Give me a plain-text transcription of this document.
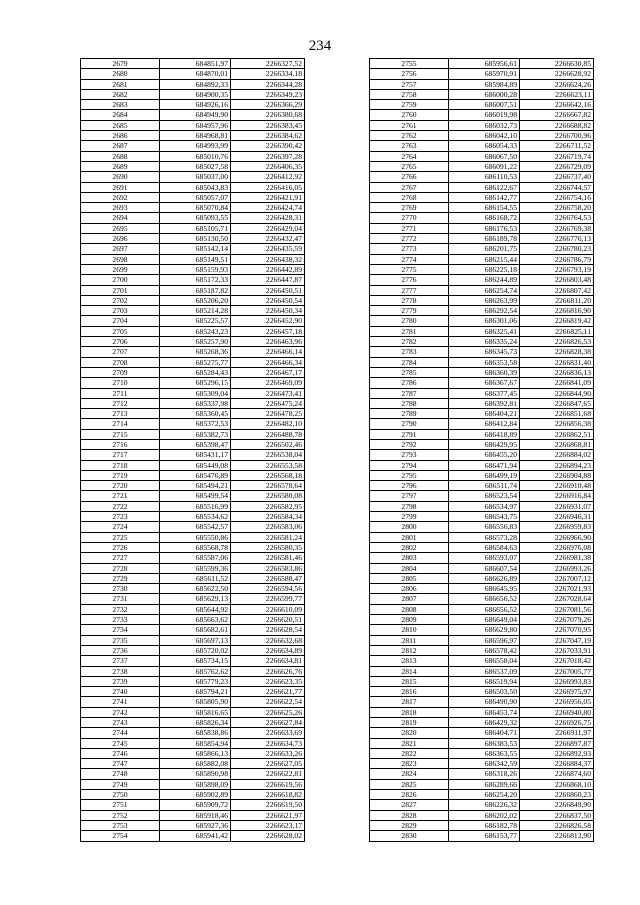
234
2679	684851,97	2266327,52
2680	684870,01	2266334,18
2681	684892,33	2266344,28
2682	684900,35	2266349,23
2683	684926,16	2266366,29
2684	684949,90	2266380,68
2685	684957,96	2266383,45
2686	684968,81	2266384,62
2687	684993,99	2266390,42
2688	685010,76	2266397,28
2689	685027,58	2266406,35
2690	685037,00	2266412,92
2691	685043,83	2266416,05
2692	685057,07	2266421,91
2693	685070,84	2266424,74
2694	685093,55	2266428,31
2695	685105,71	2266429,04
2696	685130,50	2266432,47
2697	685142,14	2266435,59
2698	685149,51	2266438,32
2699	685159,93	2266442,89
2700	685172,33	2266447,87
2701	685187,82	2266450,51
2702	685206,20	2266450,54
2703	685214,28	2266450,34
2704	685225,57	2266452,90
2705	685243,23	2266457,18
2706	685257,90	2266463,96
2707	685268,36	2266466,14
2708	685275,77	2266466,34
2709	685284,43	2266467,17
2710	685296,15	2266469,09
2711	685309,04	2266473,41
2712	685337,98	2266475,24
2713	685360,45	2266478,25
2714	685372,53	2266482,10
2715	685382,73	2266488,78
2716	685398,47	2266502,46
2717	685431,17	2266538,04
2718	685449,08	2266553,58
2719	685476,89	2266568,18
2720	685494,21	2266578,64
2721	685499,54	2266580,08
2722	685516,99	2266582,95
2723	685534,62	2266584,34
2724	685542,57	2266583,06
2725	685550,86	2266581,24
2726	685568,78	2266580,35
2727	685587,06	2266581,46
2728	685599,36	2266583,86
2729	685611,52	2266588,47
2730	685622,50	2266594,56
2731	685629,13	2266599,77
2732	685644,92	2266610,09
2733	685663,62	2266620,51
2734	685682,61	2266628,54
2735	685697,13	2266632,68
2736	685720,02	2266634,89
2737	685734,15	2266634,81
2738	685762,62	2266626,76
2739	685779,23	2266623,35
2740	685794,21	2266621,77
2741	685805,90	2266622,54
2742	685816,65	2266625,26
2743	685826,34	2266627,84
2744	685838,86	2266633,69
2745	685854,94	2266634,73
2746	685866,13	2266633,26
2747	685882,08	2266627,05
2748	685890,98	2266622,81
2749	685898,09	2266619,56
2750	685902,89	2266618,82
2751	685909,72	2266619,50
2752	685918,46	2266621,97
2753	685927,36	2266623,17
2754	685941,42	2266628,02
2755	685956,61	2266630,85
2756	685970,91	2266628,92
2757	685984,89	2266624,26
2758	686000,28	2266623,11
2759	686007,51	2266642,16
2760	686019,98	2266667,82
2761	686032,73	2266688,82
2762	686042,10	2266700,96
2763	686054,33	2266711,52
2764	686067,50	2266719,74
2765	686091,22	2266729,09
2766	686110,53	2266737,40
2767	686122,67	2266744,57
2768	686142,77	2266754,16
2769	686154,55	2266758,20
2770	686168,72	2266764,53
2771	686176,53	2266769,38
2772	686189,78	2266776,13
2773	686201,75	2266780,23
2774	686215,44	2266786,79
2775	686225,18	2266793,19
2776	686244,89	2266803,48
2777	686254,74	2266807,42
2778	686263,99	2266811,20
2779	686292,54	2266816,90
2780	686301,06	2266819,42
2781	686325,41	2266825,11
2782	686335,24	2266826,53
2783	686345,73	2266828,38
2784	686353,58	2266831,40
2785	686360,39	2266836,13
2786	686367,67	2266841,09
2787	686377,45	2266844,90
2788	686392,81	2266847,65
2789	686404,21	2266851,68
2790	686412,84	2266856,38
2791	686418,89	2266862,51
2792	686429,95	2266868,81
2793	686455,20	2266884,02
2794	686471,94	2266894,23
2795	686499,19	2266904,88
2796	686511,74	2266910,48
2797	686523,54	2266916,84
2798	686534,97	2266931,07
2799	686543,75	2266946,31
2800	686556,83	2266959,83
2801	686573,28	2266966,90
2802	686584,63	2266976,08
2803	686593,07	2266981,38
2804	686607,54	2266993,26
2805	686626,89	2267007,12
2806	686645,95	2267021,93
2807	686656,52	2267028,64
2808	686656,52	2267081,56
2809	686649,04	2267079,26
2810	686629,80	2267070,95
2811	686596,97	2267047,19
2812	686578,42	2267033,91
2813	686558,04	2267018,42
2814	686537,09	2267005,77
2815	686519,94	2266993,83
2816	686503,50	2266975,97
2817	686490,90	2266956,05
2818	686453,74	2266940,80
2819	686429,32	2266926,75
2820	686404,71	2266911,97
2821	686383,53	2266897,87
2822	686363,55	2266892,93
2823	686342,59	2266884,37
2824	686318,26	2266874,60
2825	686289,66	2266868,10
2826	686254,20	2266860,23
2827	686226,32	2266849,90
2828	686202,02	2266837,50
2829	686182,78	2266826,58
2830	686153,77	2266813,90
